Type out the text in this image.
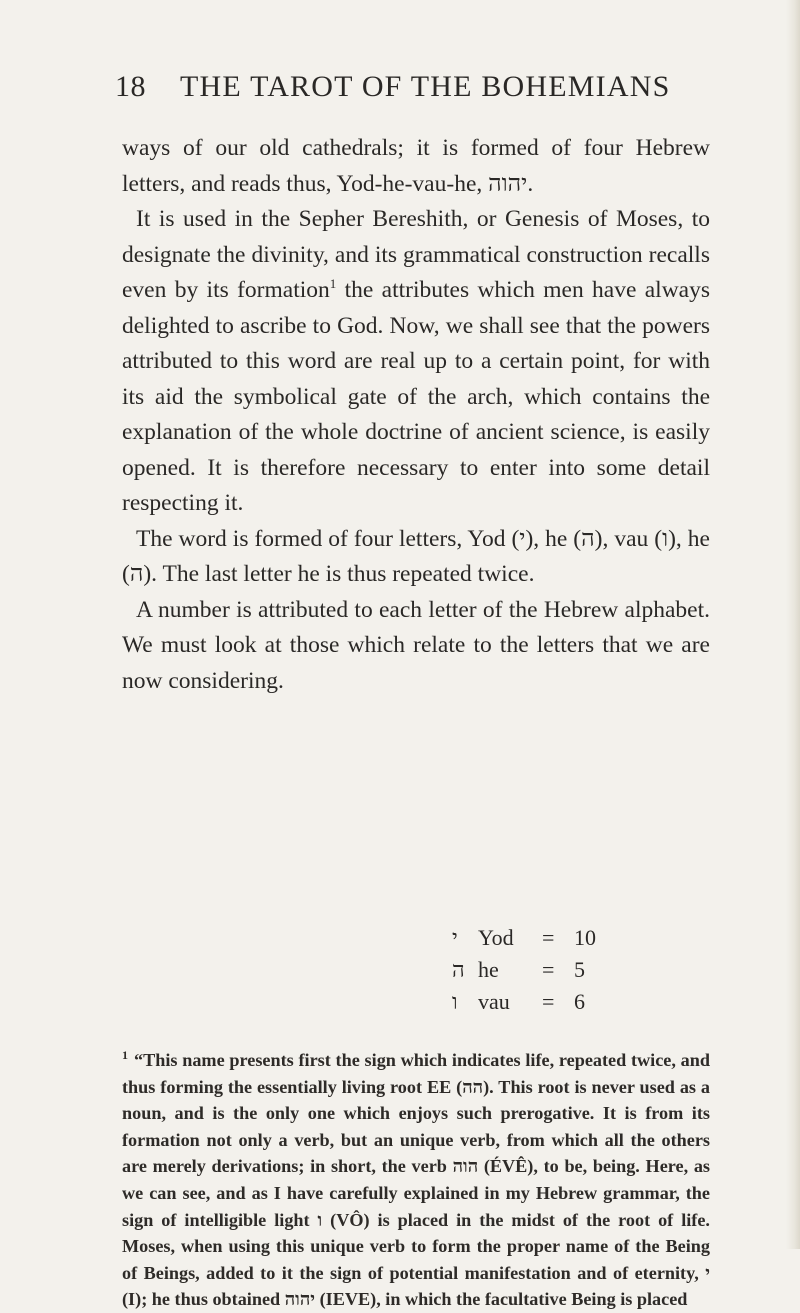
18 THE TAROT OF THE BOHEMIANS

ways of our old cathedrals; it is formed of four Hebrew letters, and reads thus, Yod-he-vau-he, יהוה.

It is used in the Sepher Bereshith, or Genesis of Moses, to designate the divinity, and its grammatical construction recalls even by its formation$^1$ the attributes which men have always delighted to ascribe to God. Now, we shall see that the powers attributed to this word are real up to a certain point, for with its aid the symbolical gate of the arch, which contains the explanation of the whole doctrine of ancient science, is easily opened. It is therefore necessary to enter into some detail respecting it.

The word is formed of four letters, Yod (י), he (ה), vau (ו), he (ה). The last letter he is thus repeated twice.

A number is attributed to each letter of the Hebrew alphabet. We must look at those which relate to the letters that we are now considering.

י Yod = 10
ה he = 5
ו vau = 6

$^1$ “This name presents first the sign which indicates life, repeated twice, and thus forming the essentially living root EE (הה). This root is never used as a noun, and is the only one which enjoys such prerogative. It is from its formation not only a verb, but an unique verb, from which all the others are merely derivations; in short, the verb הוה (ÉVÊ), to be, being. Here, as we can see, and as I have carefully explained in my Hebrew grammar, the sign of intelligible light ו (VÔ) is placed in the midst of the root of life. Moses, when using this unique verb to form the proper name of the Being of Beings, added to it the sign of potential manifestation and of eternity, י (I); he thus obtained יהוה (IEVE), in which the facultative Being is placed
